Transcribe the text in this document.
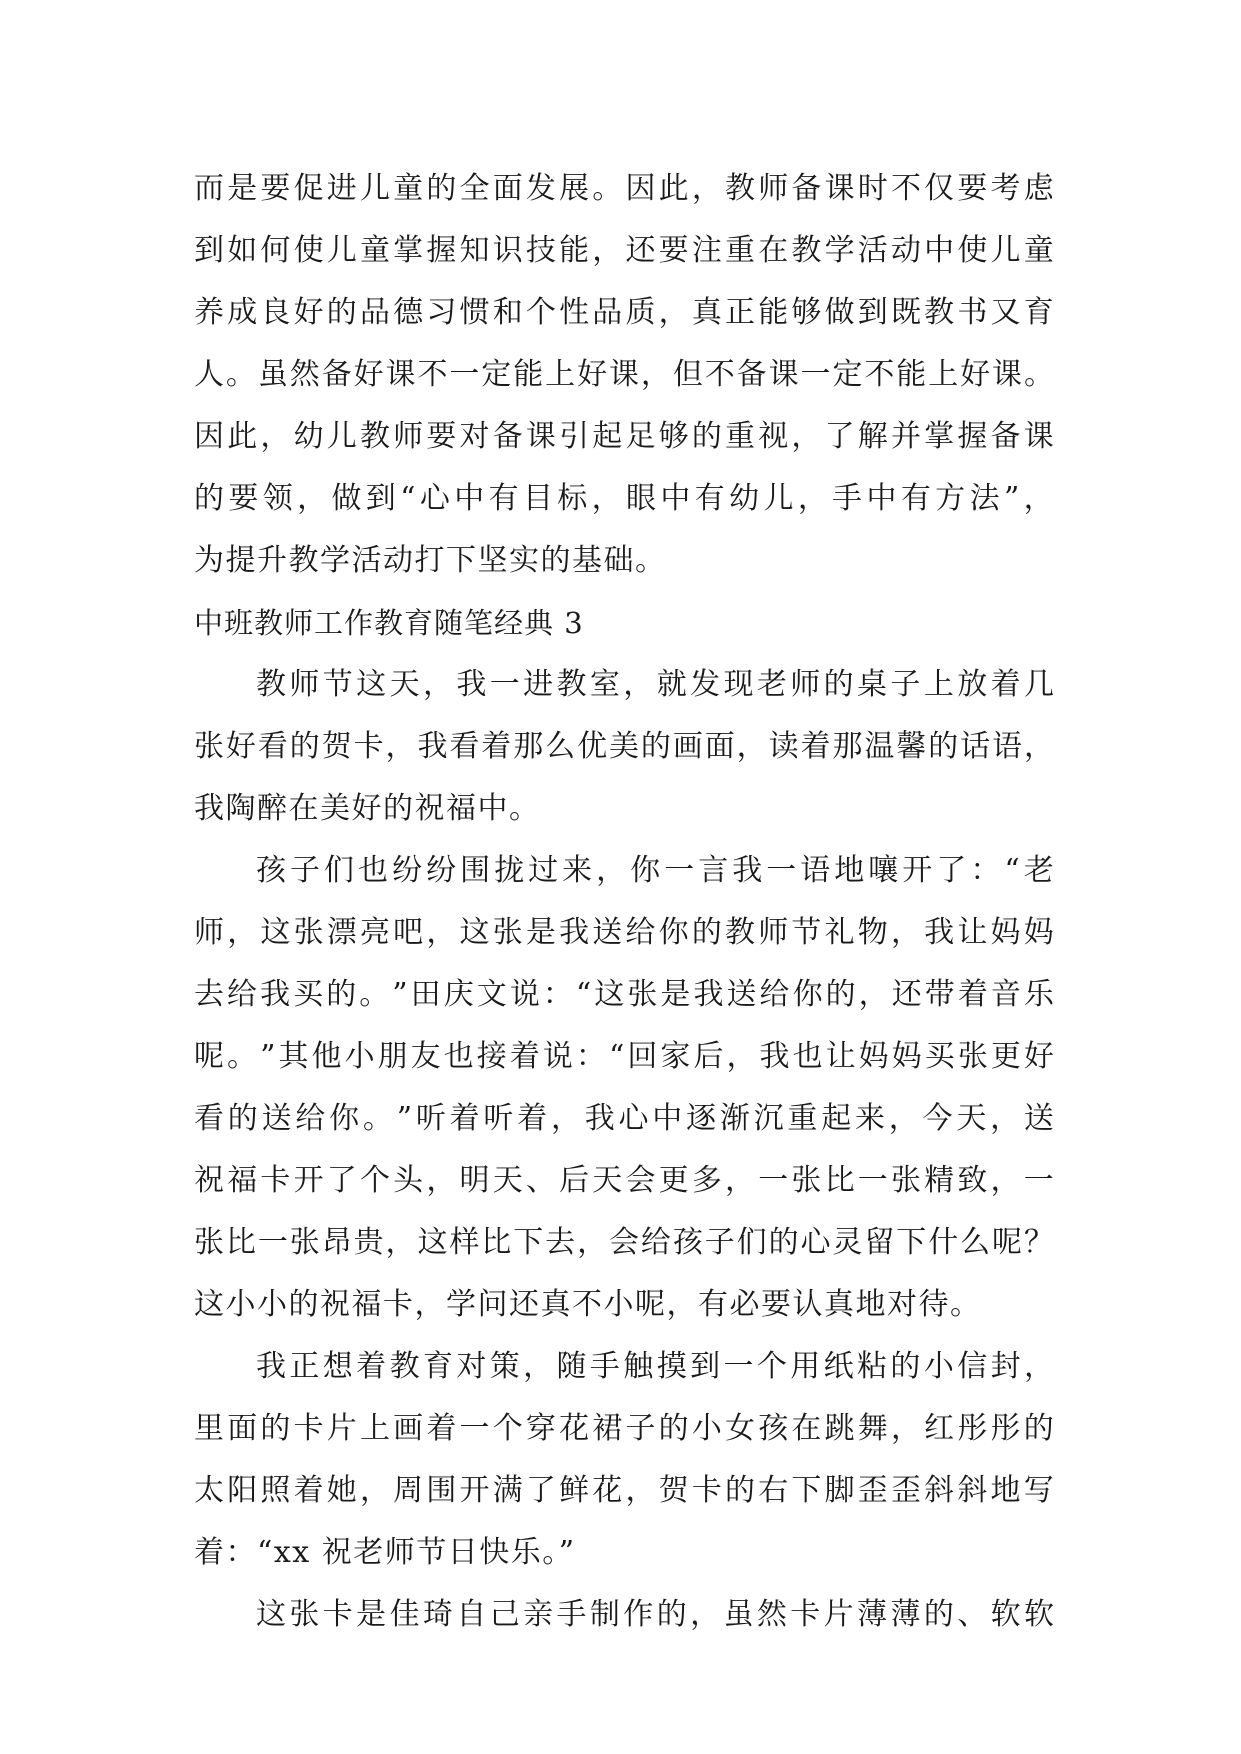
而 是 要 促 进 儿 童 的 全 面 发 展 。 因 此 ， 教 师 备 课 时 不 仅 要 考 虑
到 如 何 使 儿 童 掌 握 知 识 技 能 ， 还 要 注 重 在 教 学 活 动 中 使 儿 童
养 成 良 好 的 品 德 习 惯 和 个 性 品 质 ， 真 正 能 够 做 到 既 教 书 又 育
人 。 虽 然 备 好 课 不 一 定 能 上 好 课 ， 但 不 备 课 一 定 不 能 上 好 课 。
因 此 ， 幼 儿 教 师 要 对 备 课 引 起 足 够 的 重 视 ， 了 解 并 掌 握 备 课
的 要 领 ， 做 到 “ 心 中 有 目 标 ， 眼 中 有 幼 儿 ， 手 中 有 方 法 ” ，
为提升教学活动打下坚实的基础。
中班教师工作教育随笔经典 3
教 师 节 这 天 ， 我 一 进 教 室 ， 就 发 现 老 师 的 桌 子 上 放 着 几
张 好 看 的 贺 卡 ， 我 看 着 那 么 优 美 的 画 面 ， 读 着 那 温 馨 的 话 语 ，
我陶醉在美好的祝福中。
孩 子 们 也 纷 纷 围 拢 过 来 ， 你 一 言 我 一 语 地 嚷 开 了 ： “ 老
师 ， 这 张 漂 亮 吧 ， 这 张 是 我 送 给 你 的 教 师 节 礼 物 ， 我 让 妈 妈
去 给 我 买 的 。 ” 田 庆 文 说 ： “ 这 张 是 我 送 给 你 的 ， 还 带 着 音 乐
呢 。 ” 其 他 小 朋 友 也 接 着 说 ： “ 回 家 后 ， 我 也 让 妈 妈 买 张 更 好
看 的 送 给 你 。 ” 听 着 听 着 ， 我 心 中 逐 渐 沉 重 起 来 ， 今 天 ， 送
祝 福 卡 开 了 个 头 ， 明 天 、 后 天 会 更 多 ， 一 张 比 一 张 精 致 ， 一
张 比 一 张 昂 贵 ， 这 样 比 下 去 ， 会 给 孩 子 们 的 心 灵 留 下 什 么 呢 ？
这小小的祝福卡，学问还真不小呢，有必要认真地对待。
我 正 想 着 教 育 对 策 ， 随 手 触 摸 到 一 个 用 纸 粘 的 小 信 封 ，
里 面 的 卡 片 上 画 着 一 个 穿 花 裙 子 的 小 女 孩 在 跳 舞 ， 红 彤 彤 的
太 阳 照 着 她 ， 周 围 开 满 了 鲜 花 ， 贺 卡 的 右 下 脚 歪 歪 斜 斜 地 写
着：“xx 祝老师节日快乐。”
这 张 卡 是 佳 琦 自 己 亲 手 制 作 的 ， 虽 然 卡 片 薄 薄 的 、 软 软
